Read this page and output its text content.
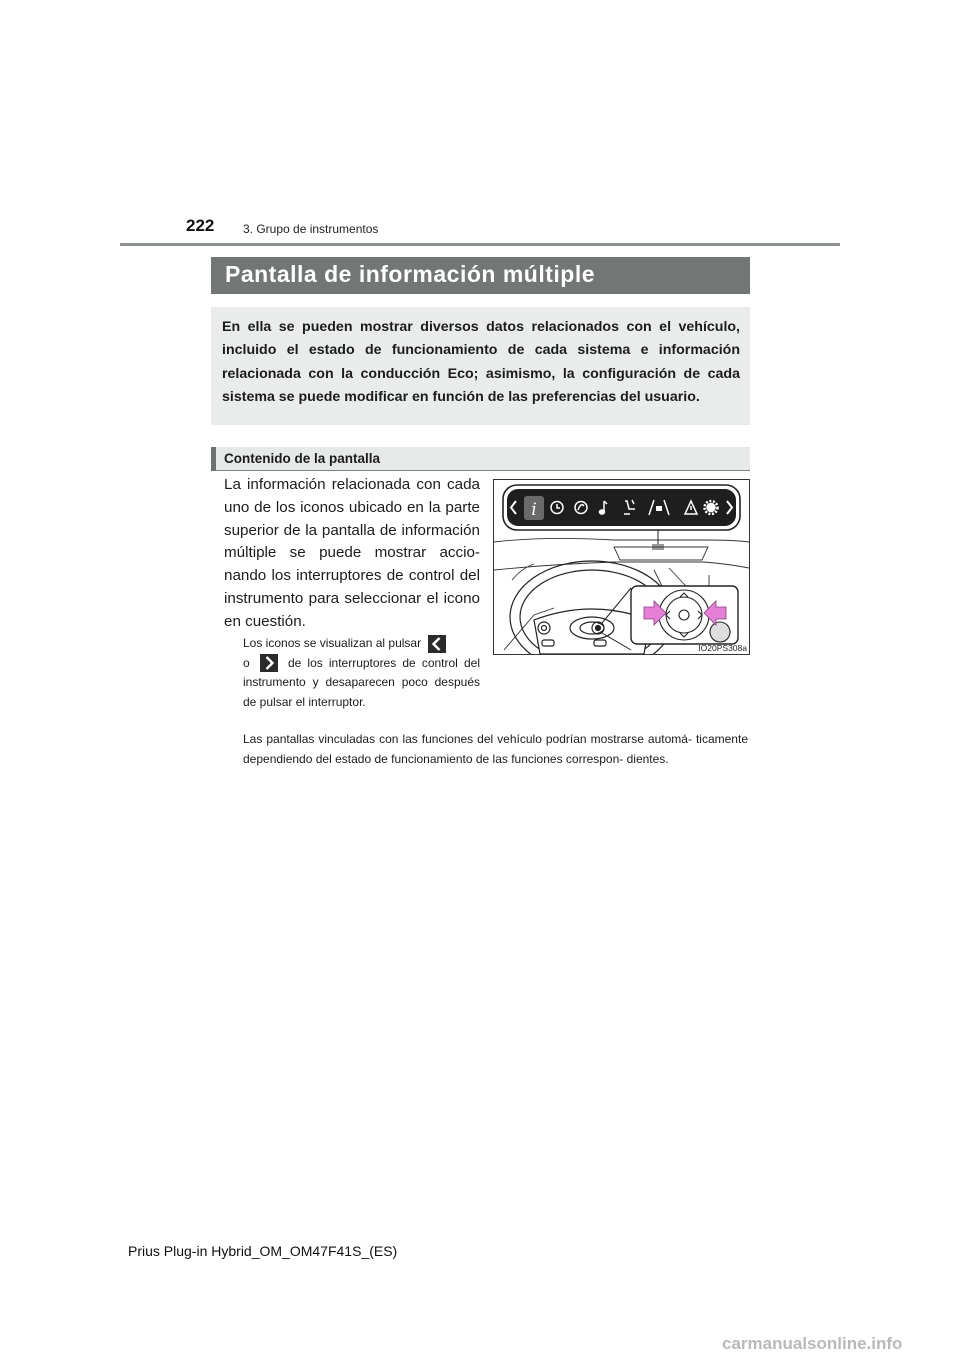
222 3. Grupo de instrumentos
Pantalla de información múltiple
En ella se pueden mostrar diversos datos relacionados con el vehículo, incluido el estado de funcionamiento de cada sistema e información relacionada con la conducción Eco; asimismo, la configuración de cada sistema se puede modificar en función de las preferencias del usuario.
Contenido de la pantalla
La información relacionada con cada uno de los iconos ubicado en la parte superior de la pantalla de información múltiple se puede mostrar accio- nando los interruptores de control del instrumento para seleccionar el icono en cuestión.
Los iconos se visualizan al pulsar

o	de los interruptores de control del instrumento y desaparecen poco después de pulsar el interruptor.
Las pantallas vinculadas con las funciones del vehículo podrían mostrarse automá- ticamente dependiendo del estado de funcionamiento de las funciones correspon- dientes.
i
IO20PS308a
Prius Plug-in Hybrid_OM_OM47F41S_(ES)
carmanualsonline.info
